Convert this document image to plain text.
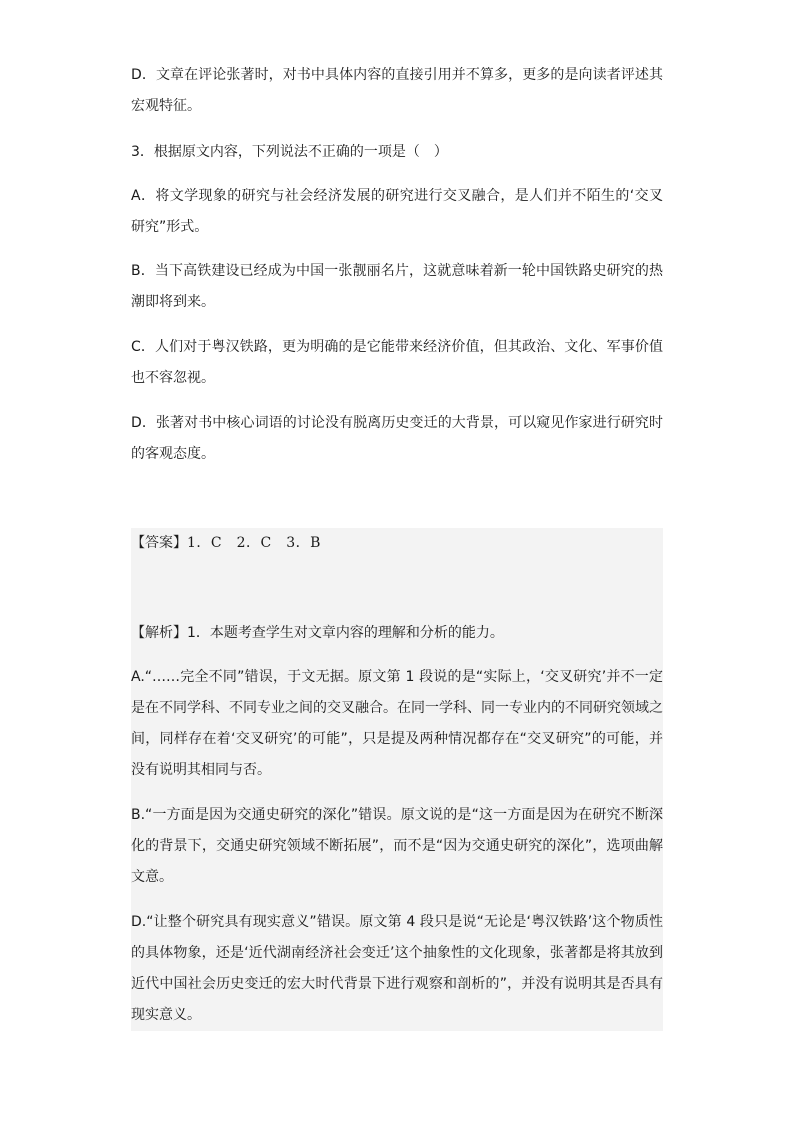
D．文章在评论张著时，对书中具体内容的直接引用并不算多，更多的是向读者评述其宏观特征。

3．根据原文内容，下列说法不正确的一项是（　）

A．将文学现象的研究与社会经济发展的研究进行交叉融合，是人们并不陌生的‘交叉研究”形式。

B．当下高铁建设已经成为中国一张靓丽名片，这就意味着新一轮中国铁路史研究的热潮即将到来。

C．人们对于粤汉铁路，更为明确的是它能带来经济价值，但其政治、文化、军事价值也不容忽视。

D．张著对书中核心词语的讨论没有脱离历史变迁的大背景，可以窥见作家进行研究时的客观态度。

【答案】1．C　2．C　3．B

【解析】1．本题考查学生对文章内容的理解和分析的能力。

A.“……完全不同”错误，于文无据。原文第 1 段说的是“实际上，‘交叉研究’并不一定是在不同学科、不同专业之间的交叉融合。在同一学科、同一专业内的不同研究领域之间，同样存在着‘交叉研究’的可能”，只是提及两种情况都存在“交叉研究”的可能，并没有说明其相同与否。

B.“一方面是因为交通史研究的深化”错误。原文说的是“这一方面是因为在研究不断深化的背景下，交通史研究领域不断拓展”，而不是“因为交通史研究的深化”，选项曲解文意。

D.“让整个研究具有现实意义”错误。原文第 4 段只是说“无论是‘粤汉铁路’这个物质性的具体物象，还是‘近代湖南经济社会变迁’这个抽象性的文化现象，张著都是将其放到近代中国社会历史变迁的宏大时代背景下进行观察和剖析的”，并没有说明其是否具有现实意义。
